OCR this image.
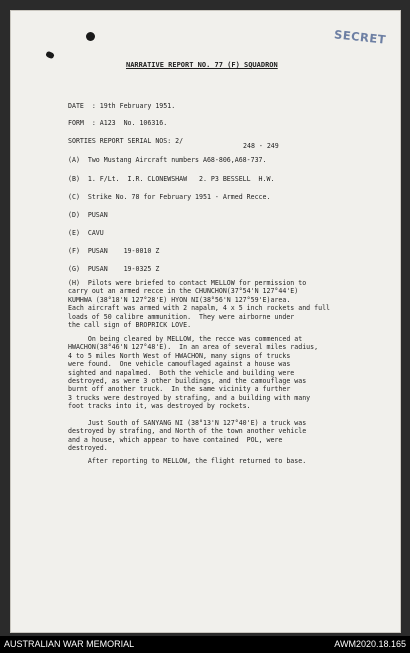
SECRET
NARRATIVE REPORT NO. 77 (F) SQUADRON
DATE  : 19th February 1951.
FORM  : A123  No. 106316.
SORTIES REPORT SERIAL NOS: 2/
248 - 249
(A)  Two Mustang Aircraft numbers A68-806,A68-737.
(B)  1. F/Lt.  I.R. CLONEWSHAW   2. P3 BESSELL  H.W.
(C)  Strike No. 78 for February 1951 - Armed Recce.
(D)  PUSAN
(E)  CAVU
(F)  PUSAN    19-0010 Z
(G)  PUSAN    19-0325 Z
(H)  Pilots were briefed to contact MELLOW for permission to
carry out an armed recce in the CHUNCHON(37°54'N 127°44'E)
KUMHWA (38°18'N 127°28'E) HYON NI(38°56'N 127°59'E)area.
Each aircraft was armed with 2 napalm, 4 x 5 inch rockets and full
loads of 50 calibre ammunition.  They were airborne under
the call sign of BROPRICK LOVE.
On being cleared by MELLOW, the recce was commenced at
HWACHON(38°46'N 127°48'E).  In an area of several miles radius,
4 to 5 miles North West of HWACHON, many signs of trucks
were found.  One vehicle camouflaged against a house was
sighted and napalmed.  Both the vehicle and building were
destroyed, as were 3 other buildings, and the camouflage was
burnt off another truck.  In the same vicinity a further
3 trucks were destroyed by strafing, and a building with many
foot tracks into it, was destroyed by rockets.
Just South of SANYANG NI (38°13'N 127°40'E) a truck was
destroyed by strafing, and North of the town another vehicle
and a house, which appear to have contained  POL, were
destroyed.
After reporting to MELLOW, the flight returned to base.
AUSTRALIAN WAR MEMORIAL	AWM2020.18.165
